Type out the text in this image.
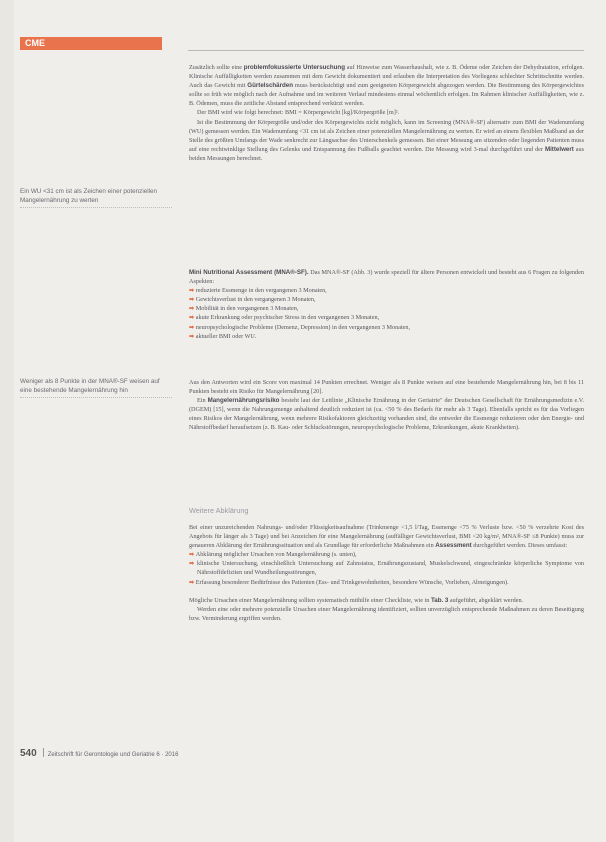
CME
Ein WU <31 cm ist als Zeichen einer potenziellen Mangelernährung zu werten
Weniger als 8 Punkte in der MNA®-SF weisen auf eine bestehende Mangelernährung hin

Zusätzlich sollte eine problemfokussierte Untersuchung auf Hinweise zum Wasserhaushalt, wie z. B. Ödeme oder Zeichen der Dehydratation, erfolgen. Klinische Auffälligkeiten werden zusammen mit dem Gewicht dokumentiert und erlauben die Interpretation des Vorliegens schlechter Schrittschnitte werden. Auch das Gewicht mit Gürtelschärden muss berücksichtigt und zum geeigneten Körpergewicht abgezogen werden. Die Bestimmung des Körpergewichtes sollte so früh wie möglich nach der Aufnahme und im weiteren Verlauf mindestens einmal wöchentlich erfolgen. Im Rahmen klinischer Auffälligkeiten, wie z. B. Ödemen, muss die zeitliche Abstand entsprechend verkürzt werden.

Der BMI wird wie folgt berechnet: BMI = Körpergewicht [kg]/Körpergröße [m]².

Ist die Bestimmung der Körpergröße und/oder des Körpergewichts nicht möglich, kann im Screening (MNA®-SF) alternativ zum BMI der Wadenumfang (WU) gemessen werden. Ein Wadenumfang <31 cm ist als Zeichen einer potenziellen Mangelernährung zu werten. Er wird an einem flexiblen Maßband an der Stelle des größten Umfangs der Wade senkrecht zur Längsachse des Unterschenkels gemessen. Bei einer Messung am sitzenden oder liegenden Patienten muss auf eine rechtwinklige Stellung des Gelenks und Entspannung des Fußballs geachtet werden. Die Messung wird 3-mal durchgeführt und der Mittelwert aus beiden Messungen berechnet.

Mini Nutritional Assessment (MNA®-SF). Das MNA®-SF (Abb. 3) wurde speziell für ältere Personen entwickelt und besteht aus 6 Fragen zu folgenden Aspekten:

➡ reduzierte Essmenge in den vergangenen 3 Monaten,
➡ Gewichtsverlust in den vergangenen 3 Monaten,
➡ Mobilität in den vergangenen 3 Monaten,
➡ akute Erkrankung oder psychischer Stress in den vergangenen 3 Monaten,
➡ neuropsychologische Probleme (Demenz, Depression) in den vergangenen 3 Monaten,
➡ aktueller BMI oder WU.

Aus den Antworten wird ein Score von maximal 14 Punkten errechnet. Weniger als 8 Punkte weisen auf eine bestehende Mangelernährung hin, bei 8 bis 11 Punkten besteht ein Risiko für Mangelernährung [20].

Ein Mangelernährungsrisiko besteht laut der Leitlinie „Klinische Ernährung in der Geriatrie" der Deutschen Gesellschaft für Ernährungsmedizin e.V. (DGEM) [15], wenn die Nahrungsmenge anhaltend deutlich reduziert ist (ca. <50 % des Bedarfs für mehr als 3 Tage). Ebenfalls spricht es für das Vorliegen eines Risikos der Mangelernährung, wenn mehrere Risikofaktoren gleichzeitig vorhanden sind, die entweder die Essmenge reduzieren oder den Energie- und Nährstoffbedarf heraufsetzen (z. B. Kau- oder Schluckstörungen, neuropsychologische Probleme, Erkrankungen, akute Krankheiten).

Weitere Abklärung

Bei einer unzureichenden Nahrungs- und/oder Flüssigkeitsaufnahme (Trinkmenge <1,5 l/Tag, Essmenge <75 % Verluste bzw. <50 % verzehrte Kost des Angebots für länger als 3 Tage) und bei Anzeichen für eine Mangelernährung (auffälliger Gewichtsverlust, BMI <20 kg/m², MNA®-SF ≤8 Punkte) muss zur genaueren Abklärung der Ernährungssituation und als Grundlage für erforderliche Maßnahmen ein Assessment durchgeführt werden. Dieses umfasst:

➡ Abklärung möglicher Ursachen von Mangelernährung (s. unten),
➡ klinische Untersuchung, einschließlich Untersuchung auf Zahnstatus, Ernährungszustand, Muskelschwund, eingeschränkte körperliche Symptome von Nährstoffdefiziten und Wundheilungsstörungen,
➡ Erfassung besonderer Bedürfnisse des Patienten (Ess- und Trinkgewohnheiten, besondere Wünsche, Vorlieben, Abneigungen).

Mögliche Ursachen einer Mangelernährung sollten systematisch mithilfe einer Checkliste, wie in Tab. 3 aufgeführt, abgeklärt werden.

Werden eine oder mehrere potenzielle Ursachen einer Mangelernährung identifiziert, sollten unverzüglich entsprechende Maßnahmen zu deren Beseitigung bzw. Verminderung ergriffen werden.

540 Zeitschrift für Gerontologie und Geriatrie 6 · 2016
